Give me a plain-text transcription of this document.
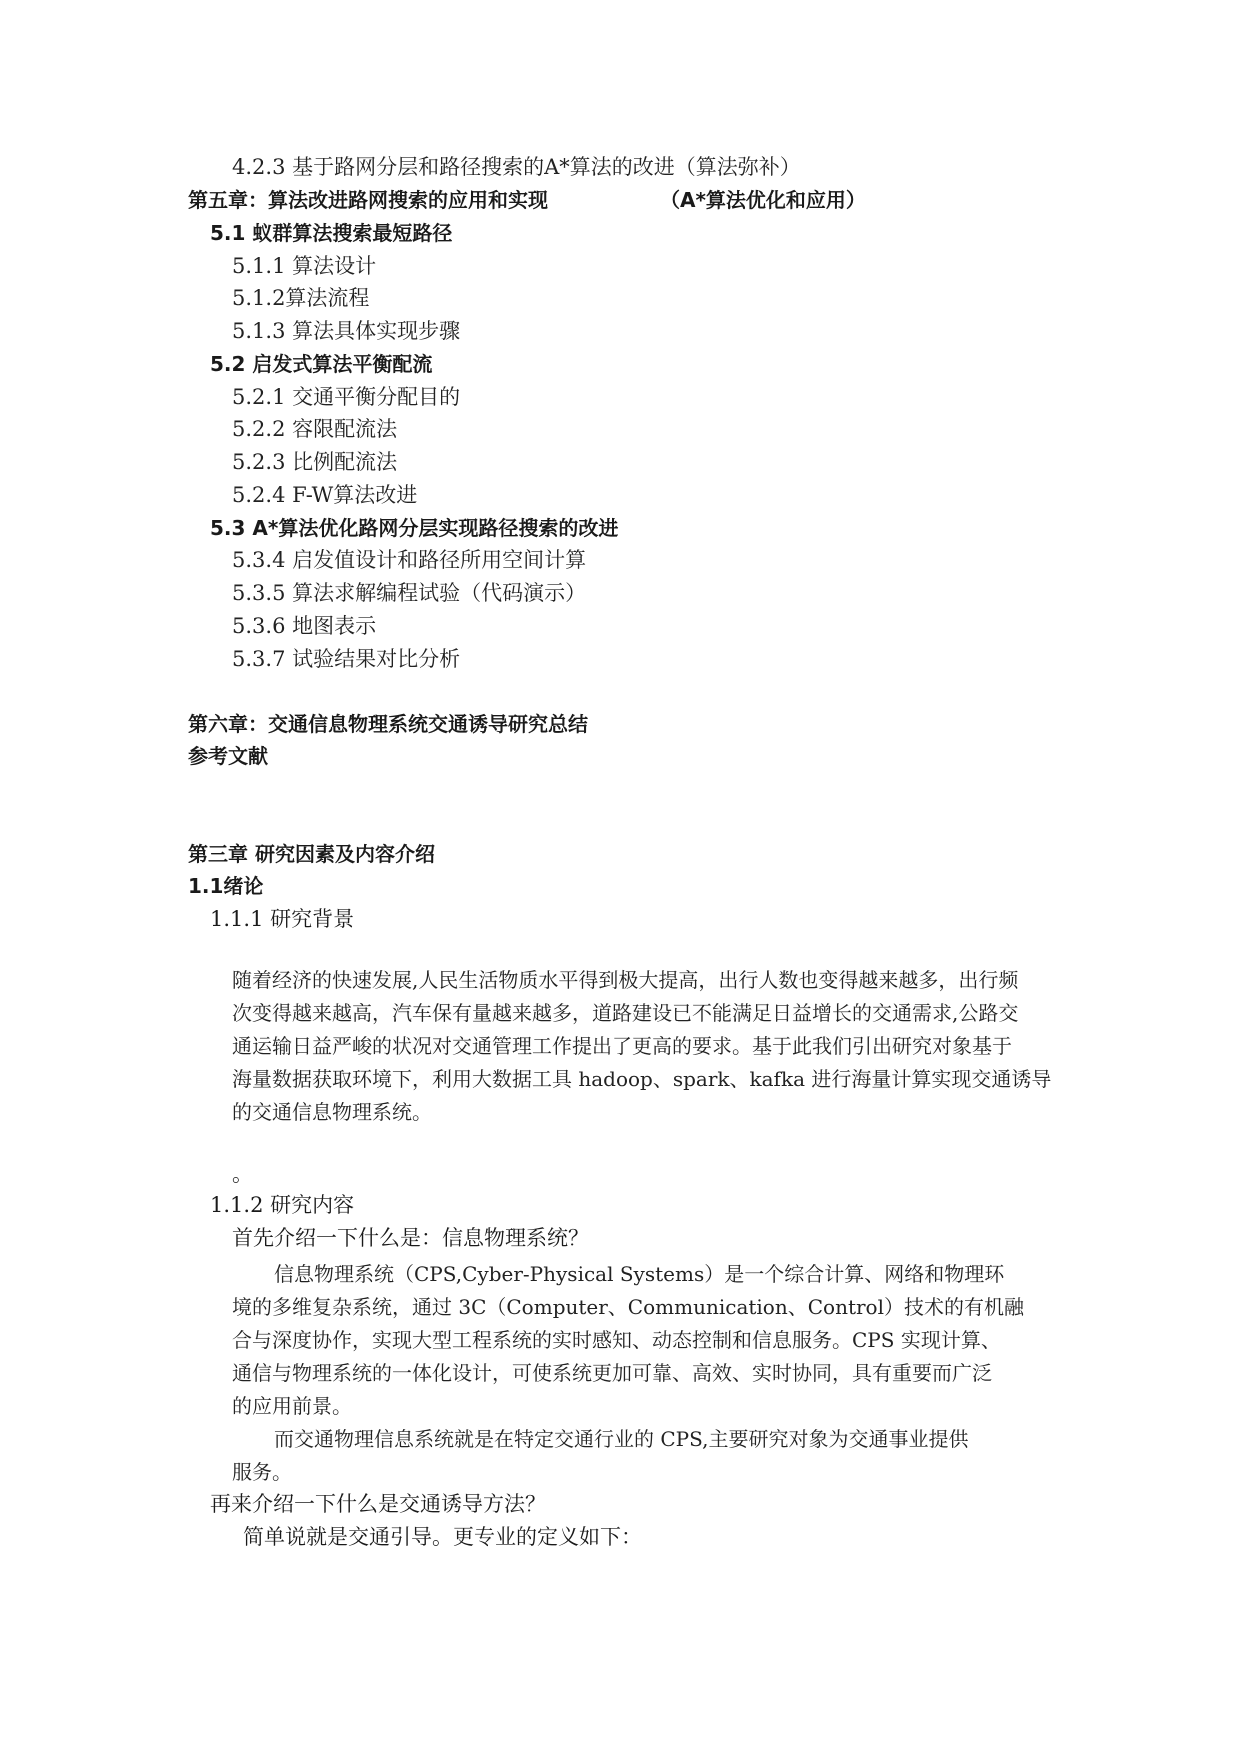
4.2.3 基于路网分层和路径搜索的A*算法的改进（算法弥补）
第五章：算法改进路网搜索的应用和实现	（A*算法优化和应用）
5.1 蚁群算法搜索最短路径
5.1.1 算法设计
5.1.2算法流程
5.1.3 算法具体实现步骤
5.2 启发式算法平衡配流
5.2.1 交通平衡分配目的
5.2.2 容限配流法
5.2.3 比例配流法
5.2.4 F-W算法改进
5.3 A*算法优化路网分层实现路径搜索的改进
5.3.4 启发值设计和路径所用空间计算
5.3.5 算法求解编程试验（代码演示）
5.3.6 地图表示
5.3.7 试验结果对比分析
第六章：交通信息物理系统交通诱导研究总结
参考文献
第三章 研究因素及内容介绍
1.1绪论
1.1.1 研究背景
随着经济的快速发展,人民生活物质水平得到极大提高，出行人数也变得越来越多，出行频
次变得越来越高，汽车保有量越来越多，道路建设已不能满足日益增长的交通需求,公路交
通运输日益严峻的状况对交通管理工作提出了更高的要求。基于此我们引出研究对象基于
海量数据获取环境下，利用大数据工具 hadoop、spark、kafka 进行海量计算实现交通诱导
的交通信息物理系统。
。
1.1.2 研究内容
首先介绍一下什么是：信息物理系统？
信息物理系统（CPS,Cyber-Physical Systems）是一个综合计算、网络和物理环
境的多维复杂系统，通过 3C（Computer、Communication、Control）技术的有机融
合与深度协作，实现大型工程系统的实时感知、动态控制和信息服务。CPS 实现计算、
通信与物理系统的一体化设计，可使系统更加可靠、高效、实时协同，具有重要而广泛
的应用前景。
而交通物理信息系统就是在特定交通行业的 CPS,主要研究对象为交通事业提供
服务。
再来介绍一下什么是交通诱导方法？
简单说就是交通引导。更专业的定义如下：
